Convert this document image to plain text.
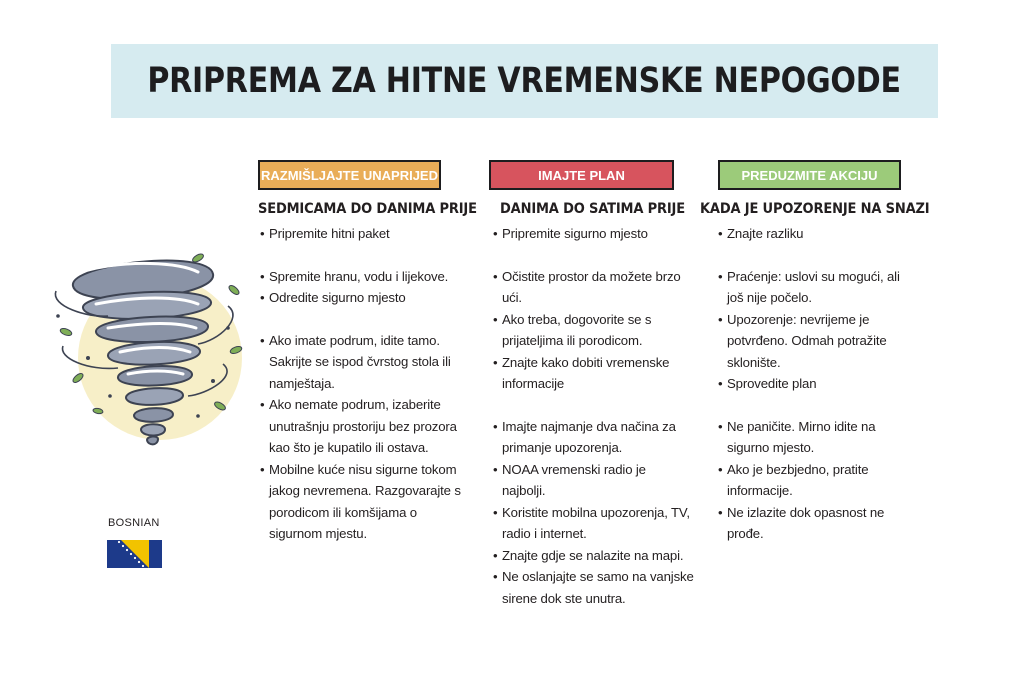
PRIPREMA ZA HITNE VREMENSKE NEPOGODE
BOSNIAN
RAZMIŠLJAJTE UNAPRIJED
SEDMICAMA DO DANIMA PRIJE
• Pripremite hitni paket
• Spremite hranu, vodu i lijekove.
• Odredite sigurno mjesto
• Ako imate podrum, idite tamo.
Sakrijte se ispod čvrstog stola ili
namještaja.
• Ako nemate podrum, izaberite
unutrašnju prostoriju bez prozora
kao što je kupatilo ili ostava.
• Mobilne kuće nisu sigurne tokom
jakog nevremena. Razgovarajte s
porodicom ili komšijama o
sigurnom mjestu.
IMAJTE PLAN
DANIMA DO SATIMA PRIJE
• Pripremite sigurno mjesto
• Očistite prostor da možete brzo
ući.
• Ako treba, dogovorite se s
prijateljima ili porodicom.
• Znajte kako dobiti vremenske
informacije
• Imajte najmanje dva načina za
primanje upozorenja.
• NOAA vremenski radio je
najbolji.
• Koristite mobilna upozorenja, TV,
radio i internet.
• Znajte gdje se nalazite na mapi.
• Ne oslanjajte se samo na vanjske
sirene dok ste unutra.
PREDUZMITE AKCIJU
KADA JE UPOZORENJE NA SNAZI
• Znajte razliku
• Praćenje: uslovi su mogući, ali
još nije počelo.
• Upozorenje: nevrijeme je
potvrđeno. Odmah potražite
sklonište.
• Sprovedite plan
• Ne paničite. Mirno idite na
sigurno mjesto.
• Ako je bezbjedno, pratite
informacije.
• Ne izlazite dok opasnost ne
prođe.
